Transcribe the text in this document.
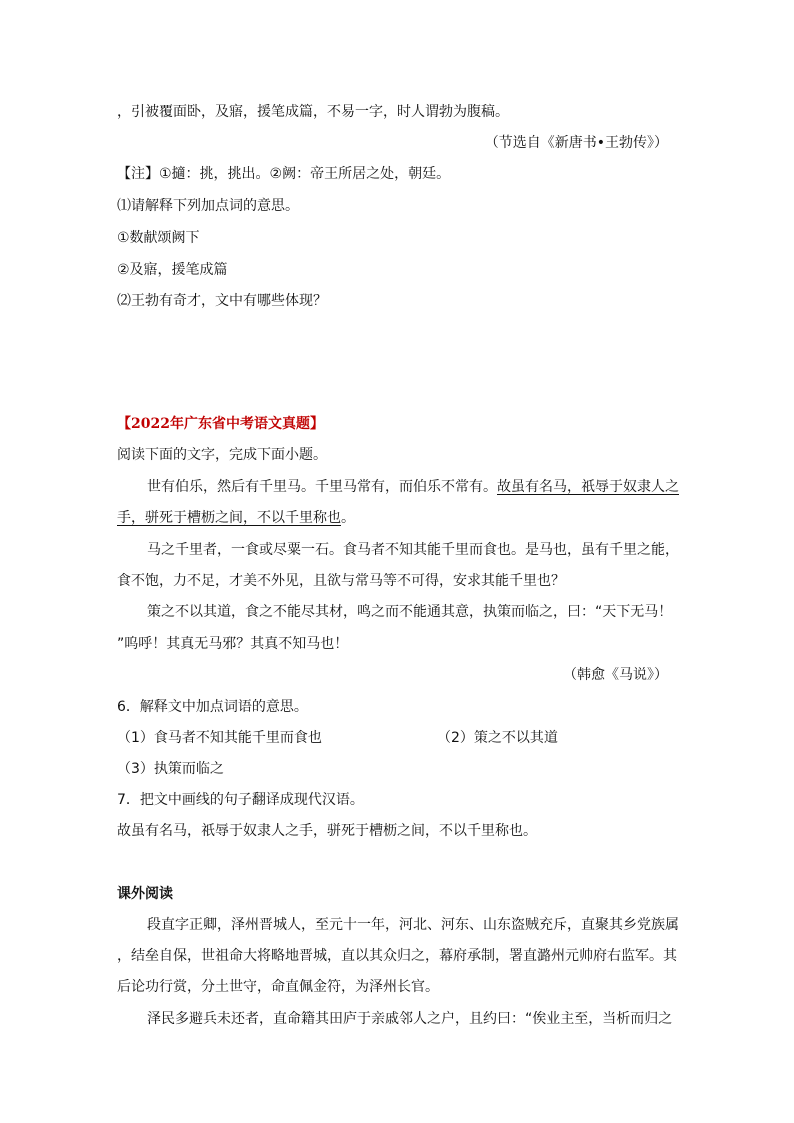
，引被覆面卧，及寤，援笔成篇，不易一字，时人谓勃为腹稿。
（节选自《新唐书•王勃传》）
【注】①擿：挑，挑出。②阙：帝王所居之处，朝廷。
⑴请解释下列加点词的意思。
①数献颂阙下
②及寤，援笔成篇
⑵王勃有奇才，文中有哪些体现？
【2022年广东省中考语文真题】
阅读下面的文字，完成下面小题。
世有伯乐，然后有千里马。千里马常有，而伯乐不常有。故虽有名马，祇辱于奴隶人之
手，骈死于槽枥之间，不以千里称也。
马之千里者，一食或尽粟一石。食马者不知其能千里而食也。是马也，虽有千里之能，
食不饱，力不足，才美不外见，且欲与常马等不可得，安求其能千里也？
策之不以其道，食之不能尽其材，鸣之而不能通其意，执策而临之，曰：“天下无马！
”呜呼！其真无马邪？其真不知马也！
（韩愈《马说》）
6．解释文中加点词语的意思。
（1）食马者不知其能千里而食也	（2）策之不以其道
（3）执策而临之
7．把文中画线的句子翻译成现代汉语。
故虽有名马，祇辱于奴隶人之手，骈死于槽枥之间，不以千里称也。
课外阅读
段直字正卿，泽州晋城人，至元十一年，河北、河东、山东盗贼充斥，直聚其乡党族属
，结垒自保，世祖命大将略地晋城，直以其众归之，幕府承制，署直潞州元帅府右监军。其
后论功行赏，分土世守，命直佩金符，为泽州长官。
泽民多避兵未还者，直命籍其田庐于亲戚邻人之户，且约曰：“俟业主至，当析而归之
